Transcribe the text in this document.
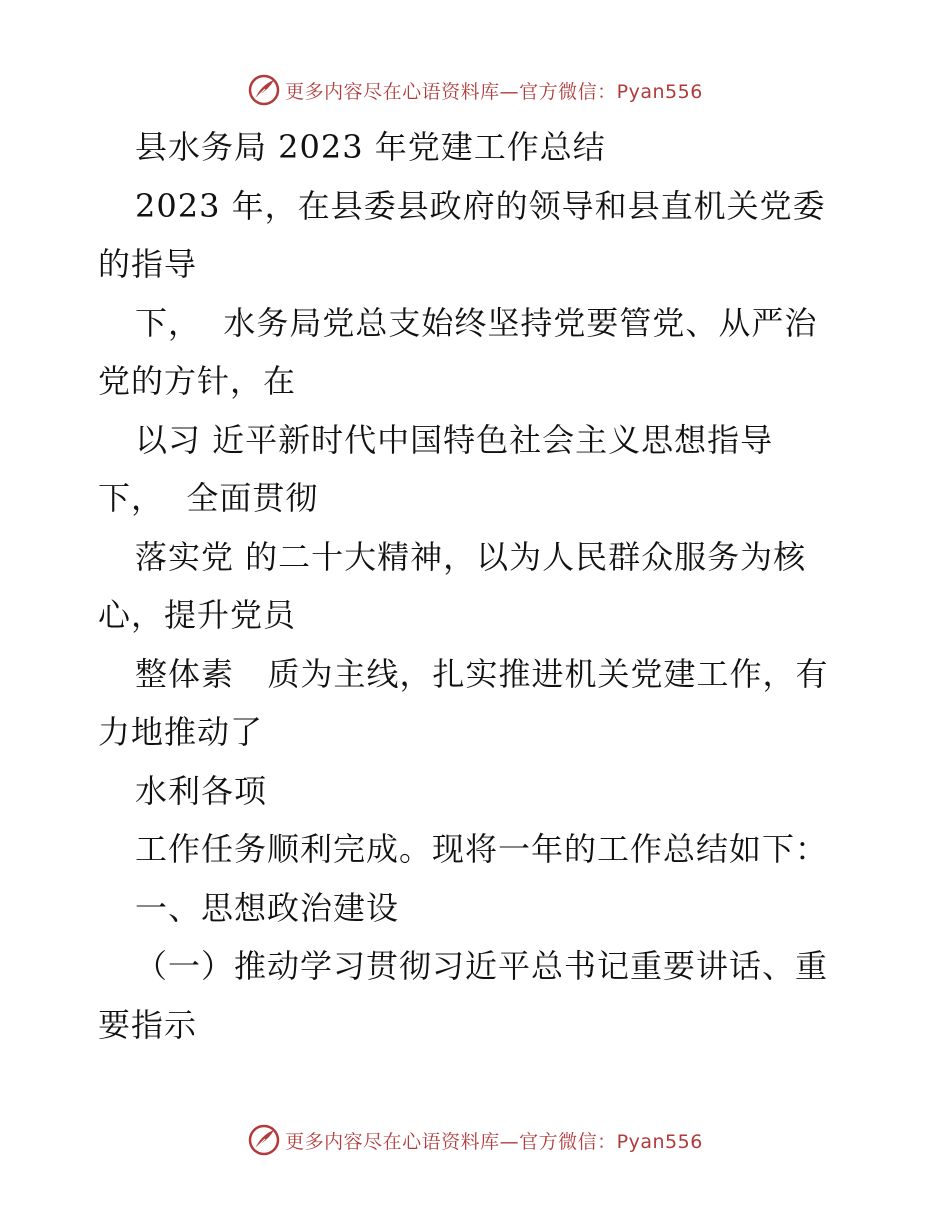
更多内容尽在心语资料库—官方微信：Pyan556
县水务局 2023 年党建工作总结
2023 年，在县委县政府的领导和县直机关党委
的指导
下，  水务局党总支始终坚持党要管党、从严治
党的方针，在
以习 近平新时代中国特色社会主义思想指导
下，  全面贯彻
落实党 的二十大精神，以为人民群众服务为核
心，提升党员
整体素   质为主线，扎实推进机关党建工作，有
力地推动了
水利各项
工作任务顺利完成。现将一年的工作总结如下：
一、思想政治建设
（一）推动学习贯彻习近平总书记重要讲话、重
要指示
更多内容尽在心语资料库—官方微信：Pyan556
